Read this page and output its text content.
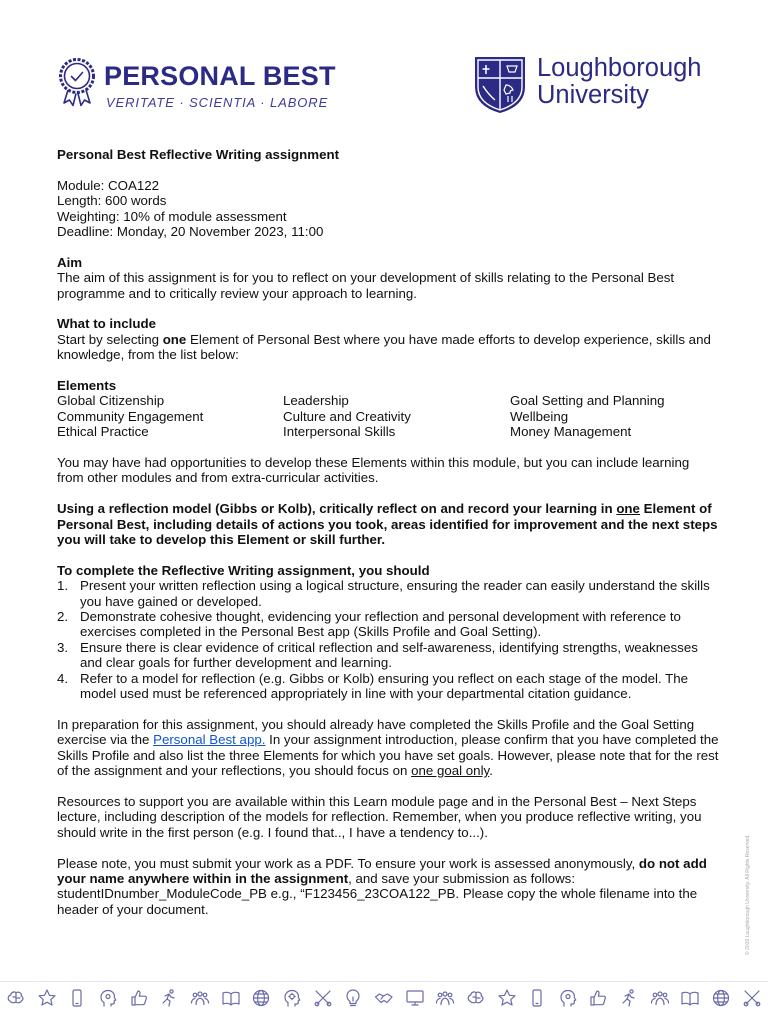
PERSONAL BEST
VERITATE · SCIENTIA · LABORE
Loughborough
University
Personal Best Reflective Writing assignment
Module: COA122
Length: 600 words
Weighting: 10% of module assessment
Deadline: Monday, 20 November 2023, 11:00
Aim
The aim of this assignment is for you to reflect on your development of skills relating to the Personal Best programme and to critically review your approach to learning.
What to include
Start by selecting one Element of Personal Best where you have made efforts to develop experience, skills and knowledge, from the list below:
Elements
Global Citizenship	Leadership	Goal Setting and Planning
Community Engagement	Culture and Creativity	Wellbeing
Ethical Practice	Interpersonal Skills	Money Management
You may have had opportunities to develop these Elements within this module, but you can include learning from other modules and from extra-curricular activities.
Using a reflection model (Gibbs or Kolb), critically reflect on and record your learning in one Element of Personal Best, including details of actions you took, areas identified for improvement and the next steps you will take to develop this Element or skill further.
To complete the Reflective Writing assignment, you should
1. Present your written reflection using a logical structure, ensuring the reader can easily understand the skills you have gained or developed.
2. Demonstrate cohesive thought, evidencing your reflection and personal development with reference to exercises completed in the Personal Best app (Skills Profile and Goal Setting).
3. Ensure there is clear evidence of critical reflection and self-awareness, identifying strengths, weaknesses and clear goals for further development and learning.
4. Refer to a model for reflection (e.g. Gibbs or Kolb) ensuring you reflect on each stage of the model. The model used must be referenced appropriately in line with your departmental citation guidance.
In preparation for this assignment, you should already have completed the Skills Profile and the Goal Setting exercise via the Personal Best app. In your assignment introduction, please confirm that you have completed the Skills Profile and also list the three Elements for which you have set goals. However, please note that for the rest of the assignment and your reflections, you should focus on one goal only.
Resources to support you are available within this Learn module page and in the Personal Best – Next Steps lecture, including description of the models for reflection. Remember, when you produce reflective writing, you should write in the first person (e.g. I found that.., I have a tendency to...).
Please note, you must submit your work as a PDF. To ensure your work is assessed anonymously, do not add your name anywhere within in the assignment, and save your submission as follows: studentIDnumber_ModuleCode_PB e.g., “F123456_23COA122_PB. Please copy the whole filename into the header of your document.	© 2019 Loughborough University. All Rights Reserved.
